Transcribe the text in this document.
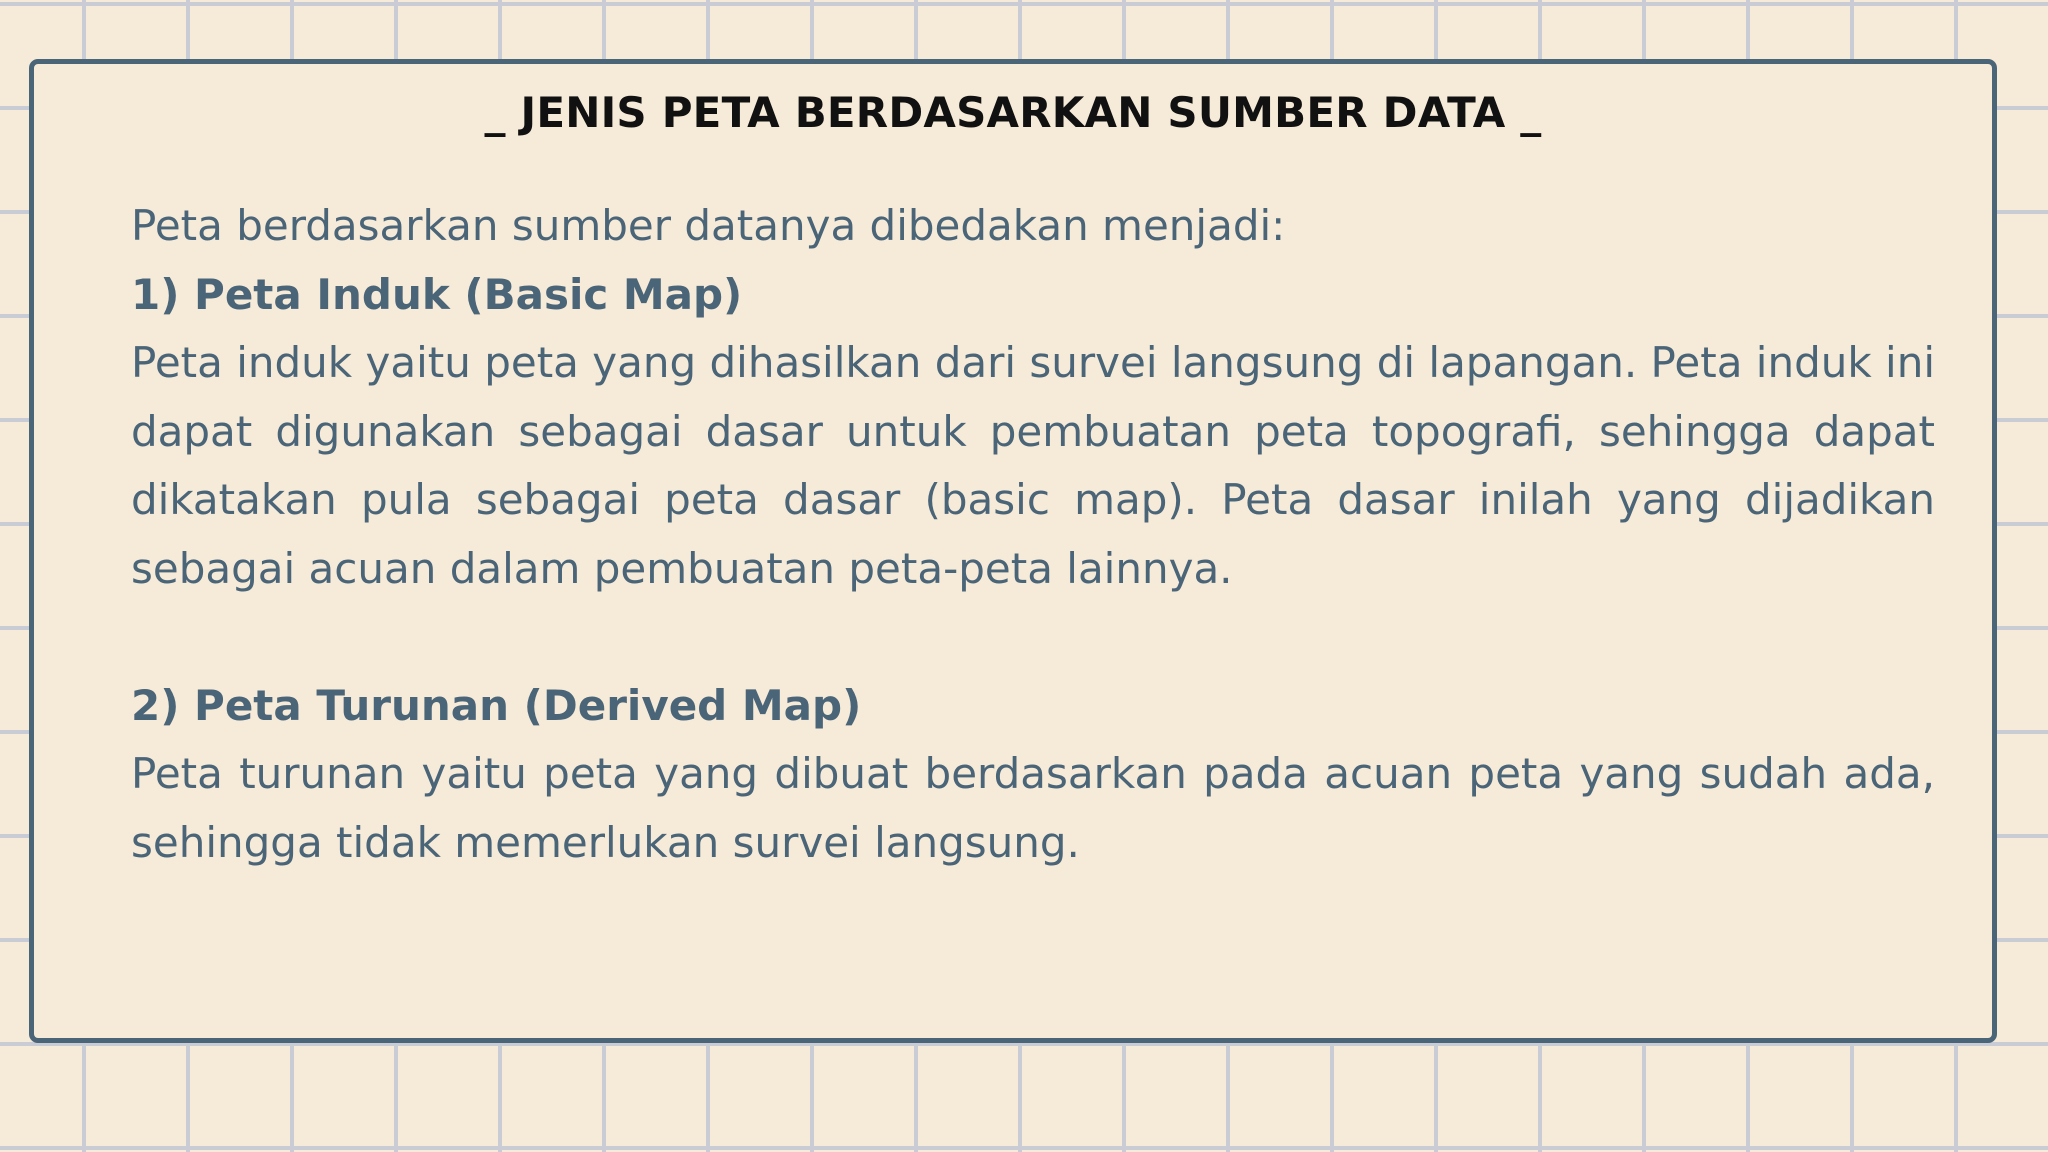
_ JENIS PETA BERDASARKAN SUMBER DATA _

Peta berdasarkan sumber datanya dibedakan menjadi:

1) Peta Induk (Basic Map)

Peta induk yaitu peta yang dihasilkan dari survei langsung di lapangan. Peta induk ini dapat digunakan sebagai dasar untuk pembuatan peta topografi, sehingga dapat dikatakan pula sebagai peta dasar (basic map). Peta dasar inilah yang dijadikan sebagai acuan dalam pembuatan peta-peta lainnya.

2) Peta Turunan (Derived Map)

Peta turunan yaitu peta yang dibuat berdasarkan pada acuan peta yang sudah ada, sehingga tidak memerlukan survei langsung.
